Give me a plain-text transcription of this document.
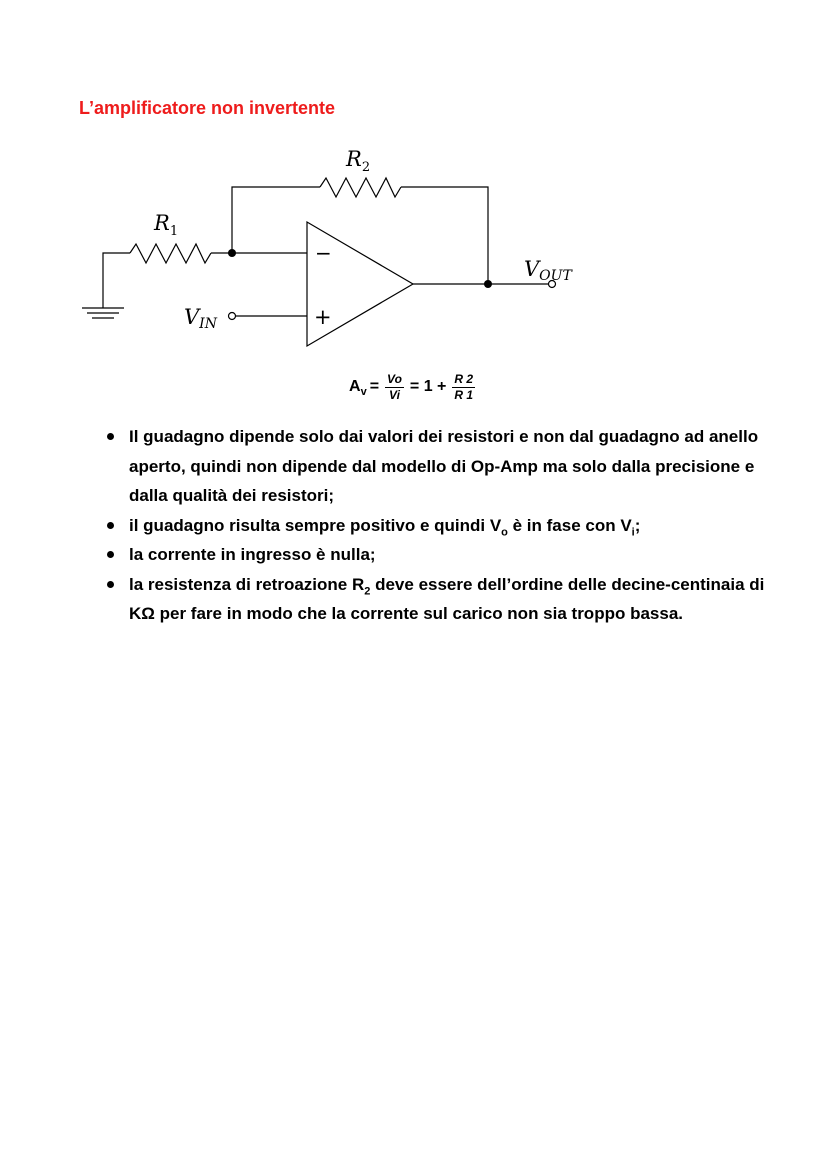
L’amplificatore non invertente
−
+
$R_2$
$R_1$
VOUT
VIN
$A_v = \frac{Vo}{Vi} = 1 + \frac{R 2}{R 1}$
Il guadagno dipende solo dai valori dei resistori e non dal guadagno ad anello aperto, quindi non dipende dal modello di Op-Amp ma solo dalla precisione e dalla qualità dei resistori;
il guadagno risulta sempre positivo e quindi $V_o$ è in fase con $V_i$;
la corrente in ingresso è nulla;
la resistenza di retroazione $R_2$ deve essere dell’ordine delle decine-centinaia di KΩ per fare in modo che la corrente sul carico non sia troppo bassa.
